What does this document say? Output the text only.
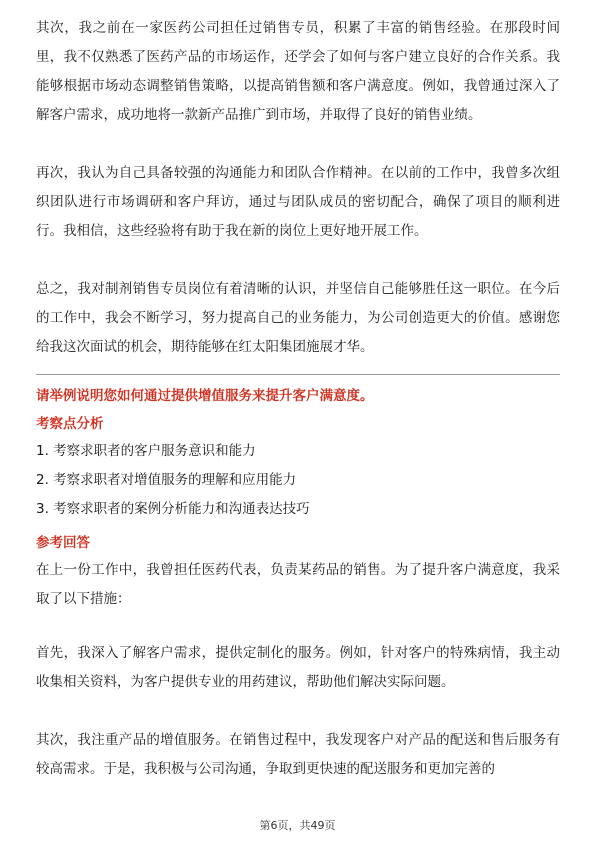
其次，我之前在一家医药公司担任过销售专员，积累了丰富的销售经验。在那段时间里，我不仅熟悉了医药产品的市场运作，还学会了如何与客户建立良好的合作关系。我能够根据市场动态调整销售策略，以提高销售额和客户满意度。例如，我曾通过深入了解客户需求，成功地将一款新产品推广到市场，并取得了良好的销售业绩。

再次，我认为自己具备较强的沟通能力和团队合作精神。在以前的工作中，我曾多次组织团队进行市场调研和客户拜访，通过与团队成员的密切配合，确保了项目的顺利进行。我相信，这些经验将有助于我在新的岗位上更好地开展工作。

总之，我对制剂销售专员岗位有着清晰的认识，并坚信自己能够胜任这一职位。在今后的工作中，我会不断学习，努力提高自己的业务能力，为公司创造更大的价值。感谢您给我这次面试的机会，期待能够在红太阳集团施展才华。

请举例说明您如何通过提供增值服务来提升客户满意度。
考察点分析
1. 考察求职者的客户服务意识和能力
2. 考察求职者对增值服务的理解和应用能力
3. 考察求职者的案例分析能力和沟通表达技巧
参考回答

在上一份工作中，我曾担任医药代表，负责某药品的销售。为了提升客户满意度，我采取了以下措施：

首先，我深入了解客户需求，提供定制化的服务。例如，针对客户的特殊病情，我主动收集相关资料，为客户提供专业的用药建议，帮助他们解决实际问题。

其次，我注重产品的增值服务。在销售过程中，我发现客户对产品的配送和售后服务有较高需求。于是，我积极与公司沟通，争取到更快速的配送服务和更加完善的

第6页，共49页
